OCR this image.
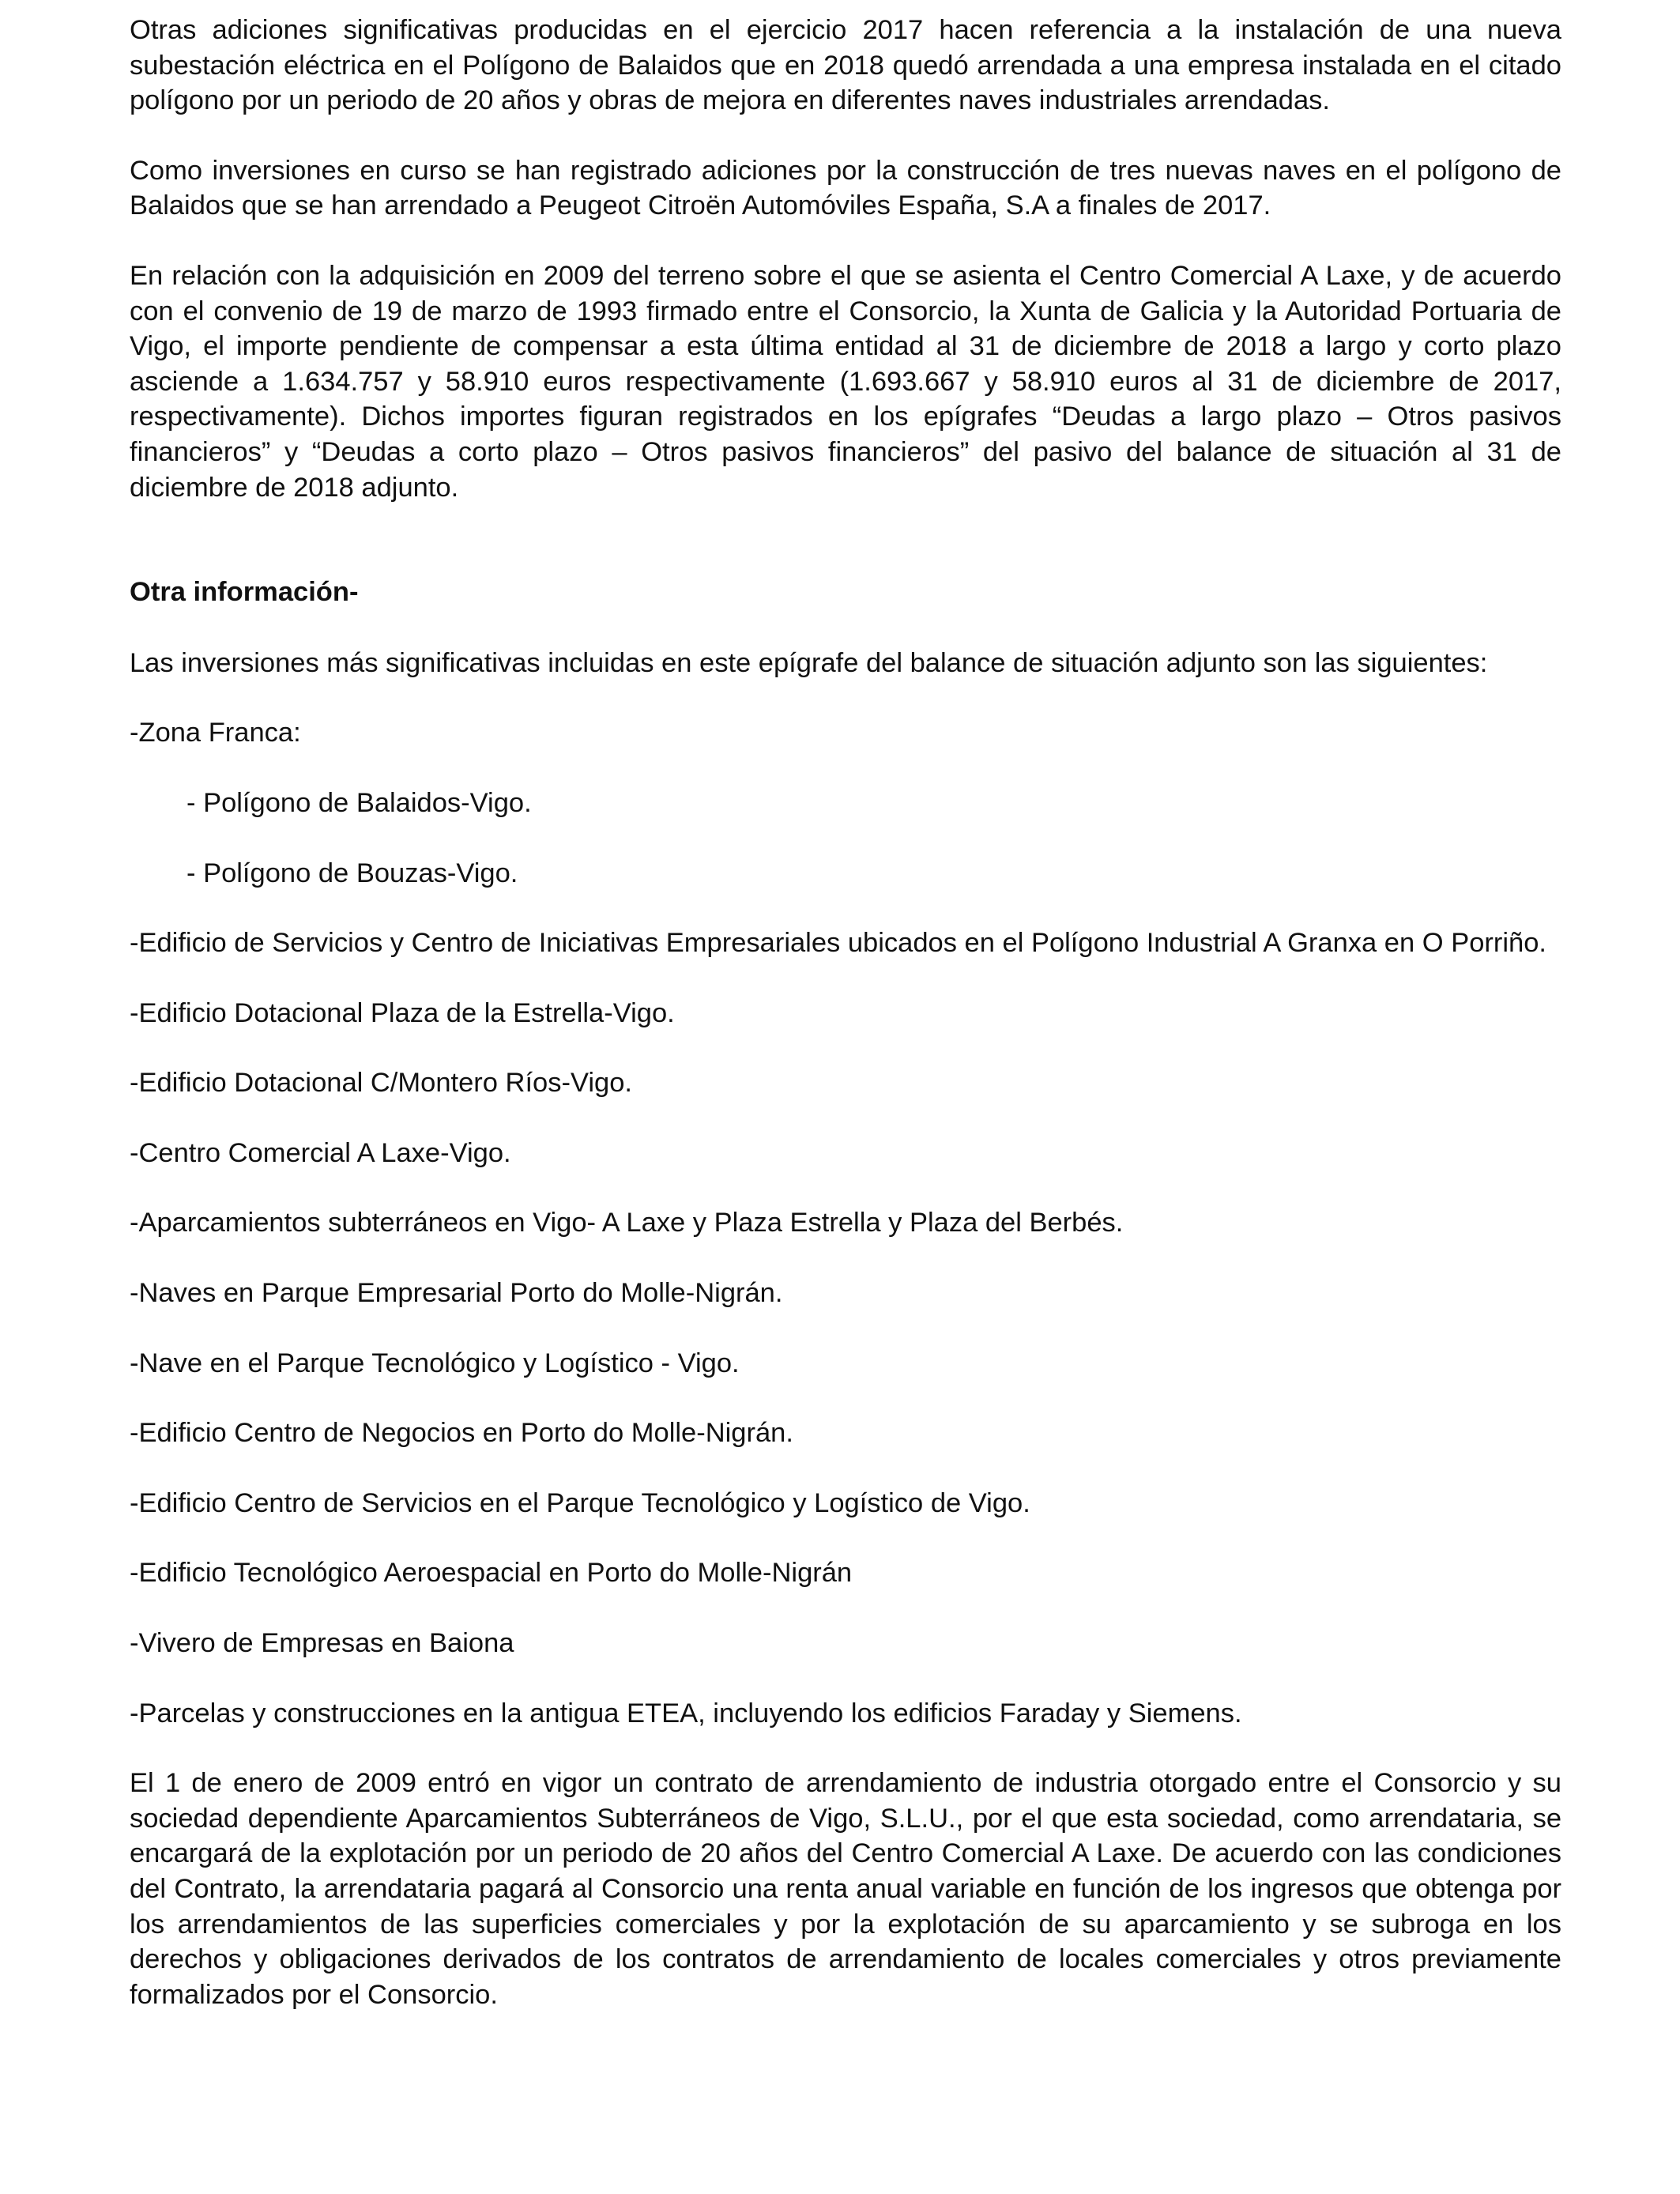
Otras adiciones significativas producidas en el ejercicio 2017 hacen referencia a la instalación de una nueva subestación eléctrica en el Polígono de Balaidos que en 2018 quedó arrendada a una empresa instalada en el citado polígono por un periodo de 20 años y obras de mejora en diferentes naves industriales arrendadas.

Como inversiones en curso se han registrado adiciones por la construcción de tres nuevas naves en el polígono de Balaidos que se han arrendado a Peugeot Citroën Automóviles España, S.A a finales de 2017.

En relación con la adquisición en 2009 del terreno sobre el que se asienta el Centro Comercial A Laxe, y de acuerdo con el convenio de 19 de marzo de 1993 firmado entre el Consorcio, la Xunta de Galicia y la Autoridad Portuaria de Vigo, el importe pendiente de compensar a esta última entidad al 31 de diciembre de 2018 a largo y corto plazo asciende a 1.634.757 y 58.910 euros respectivamente (1.693.667 y 58.910 euros al 31 de diciembre de 2017, respectivamente). Dichos importes figuran registrados en los epígrafes “Deudas a largo plazo – Otros pasivos financieros” y “Deudas a corto plazo – Otros pasivos financieros” del pasivo del balance de situación al 31 de diciembre de 2018 adjunto.

Otra información-

Las inversiones más significativas incluidas en este epígrafe del balance de situación adjunto son las siguientes:

-Zona Franca:
- Polígono de Balaidos-Vigo.
- Polígono de Bouzas-Vigo.
-Edificio de Servicios y Centro de Iniciativas Empresariales ubicados en el Polígono Industrial A Granxa en O Porriño.
-Edificio Dotacional Plaza de la Estrella-Vigo.
-Edificio Dotacional C/Montero Ríos-Vigo.
-Centro Comercial A Laxe-Vigo.
-Aparcamientos subterráneos en Vigo- A Laxe y Plaza Estrella y Plaza del Berbés.
-Naves en Parque Empresarial Porto do Molle-Nigrán.
-Nave en el Parque Tecnológico y Logístico - Vigo.
-Edificio Centro de Negocios en Porto do Molle-Nigrán.
-Edificio Centro de Servicios en el Parque Tecnológico y Logístico de Vigo.
-Edificio Tecnológico Aeroespacial en Porto do Molle-Nigrán
-Vivero de Empresas en Baiona
-Parcelas y construcciones en la antigua ETEA, incluyendo los edificios Faraday y Siemens.

El 1 de enero de 2009 entró en vigor un contrato de arrendamiento de industria otorgado entre el Consorcio y su sociedad dependiente Aparcamientos Subterráneos de Vigo, S.L.U., por el que esta sociedad, como arrendataria, se encargará de la explotación por un periodo de 20 años del Centro Comercial A Laxe. De acuerdo con las condiciones del Contrato, la arrendataria pagará al Consorcio una renta anual variable en función de los ingresos que obtenga por los arrendamientos de las superficies comerciales y por la explotación de su aparcamiento y se subroga en los derechos y obligaciones derivados de los contratos de arrendamiento de locales comerciales y otros previamente formalizados por el Consorcio.
